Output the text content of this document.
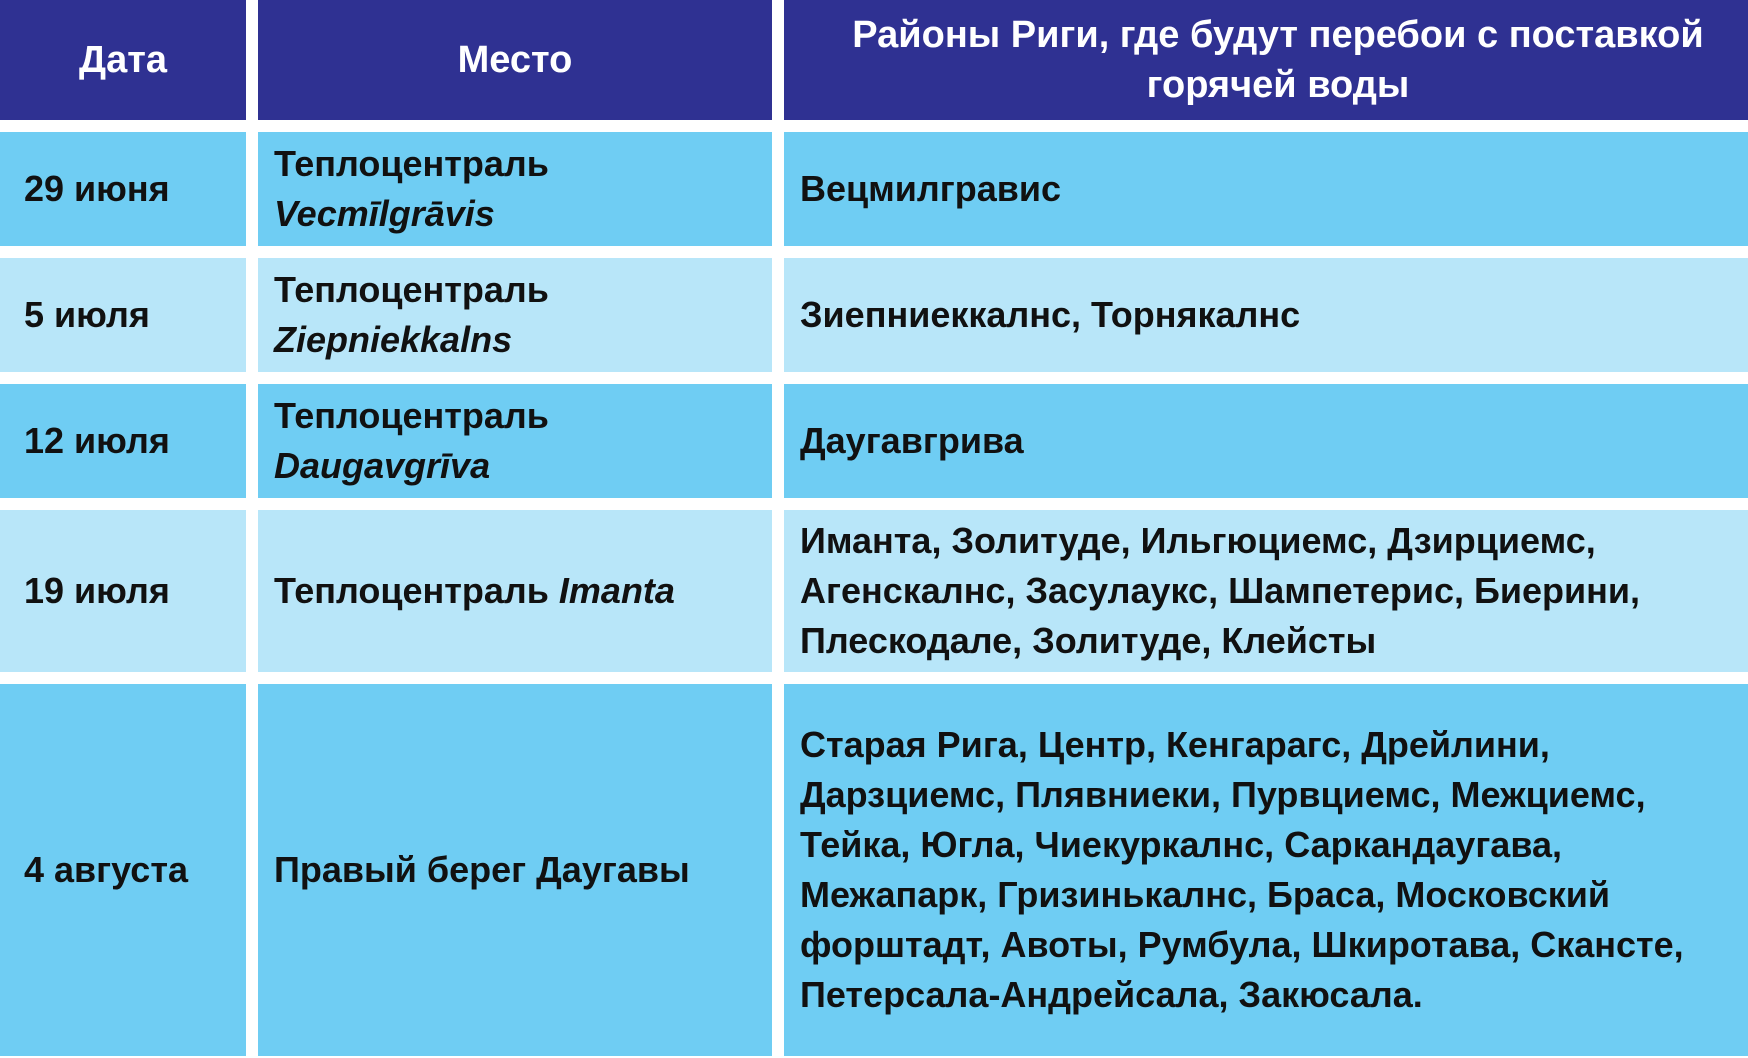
Дата	Место
Районы Риги, где будут перебои с поставкой горячей воды
29 июня
Теплоцентраль
Vecmīlgrāvis
Вецмилгравис
5 июля
Теплоцентраль
Ziepniekkalns
Зиепниеккалнс, Торнякалнс
12 июля
Теплоцентраль
Daugavgrīva
Даугавгрива
19 июля	Теплоцентраль Imanta
Иманта, Золитуде, Ильгюциемс, Дзирциемс, Агенскалнс, Засулаукс, Шампетерис, Биерини, Плескодале, Золитуде, Клейсты
4 августа Правый берег Даугавы
Старая Рига, Центр, Кенгарагс, Дрейлини, Дарзциемс, Плявниеки, Пурвциемс, Межциемс, Тейка, Югла, Чиекуркалнс, Саркандаугава, Межапарк, Гризинькалнс, Браса, Московский форштадт, Авоты, Румбула, Шкиротава, Сканстe, Петерсала-Андрейсала, Закюсала.
